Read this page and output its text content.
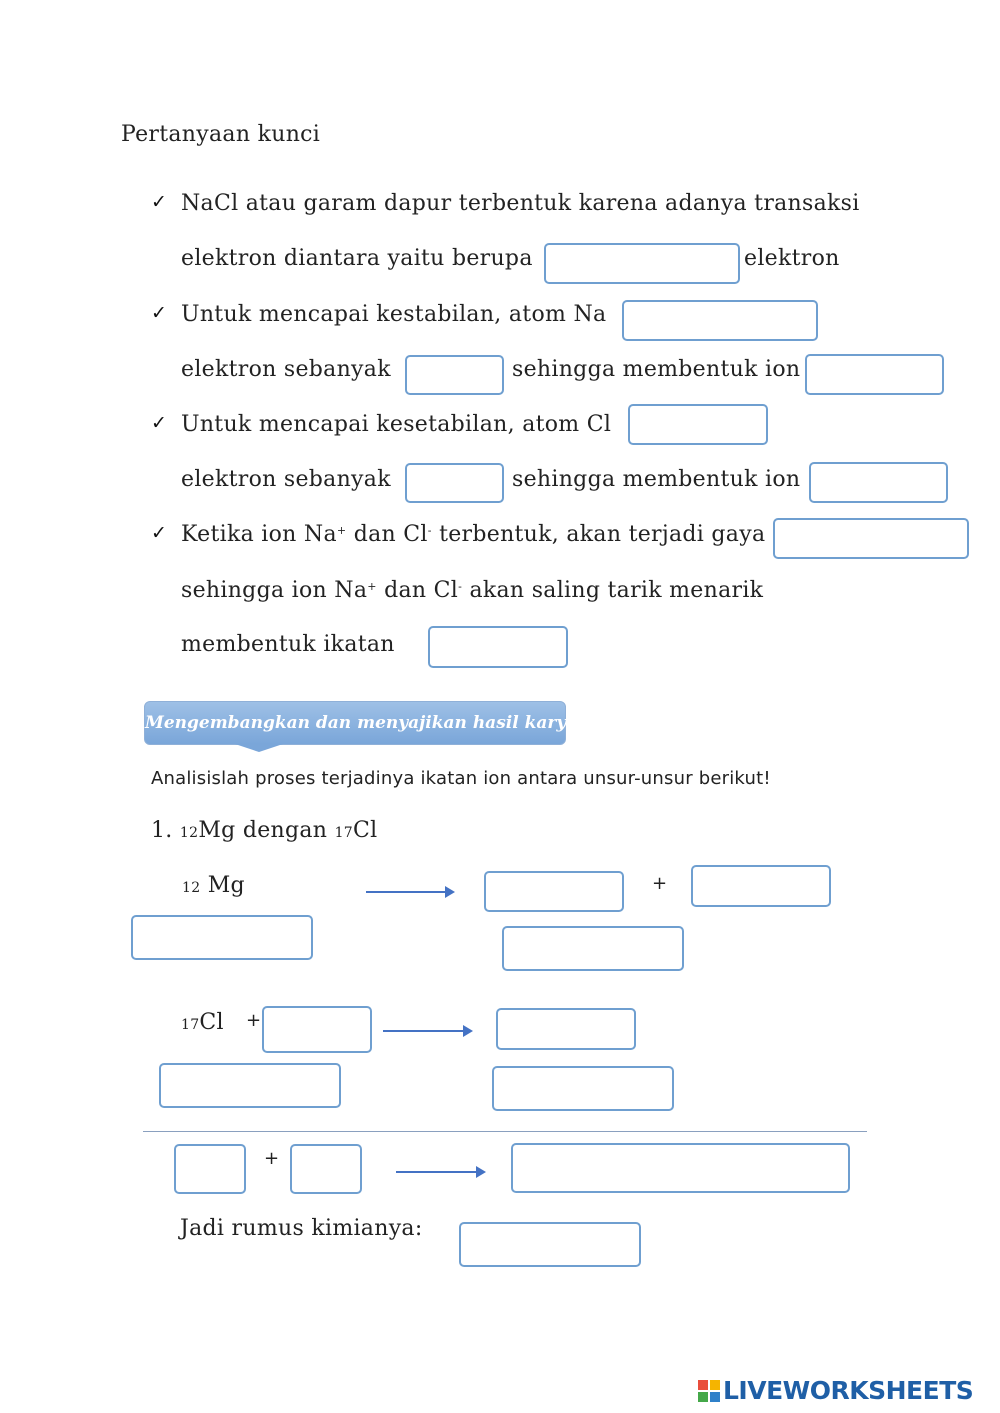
Pertanyaan kunci
✓ NaCl atau garam dapur terbentuk karena adanya transaksi
elektron diantara yaitu berupa	elektron
✓ Untuk mencapai kestabilan, atom Na
elektron sebanyak	sehingga membentuk ion
✓ Untuk mencapai kesetabilan, atom Cl
elektron sebanyak	sehingga membentuk ion
✓ Ketika ion Na+ dan Cl- terbentuk, akan terjadi gaya
sehingga ion Na+ dan Cl- akan saling tarik menarik
membentuk ikatan
Mengembangkan dan menyajikan hasil karya
Analisislah proses terjadinya ikatan ion antara unsur-unsur berikut!
1. 12Mg dengan 17Cl
12 Mg	+
17Cl +
+
Jadi rumus kimianya:
LIVEWORKSHEETS
